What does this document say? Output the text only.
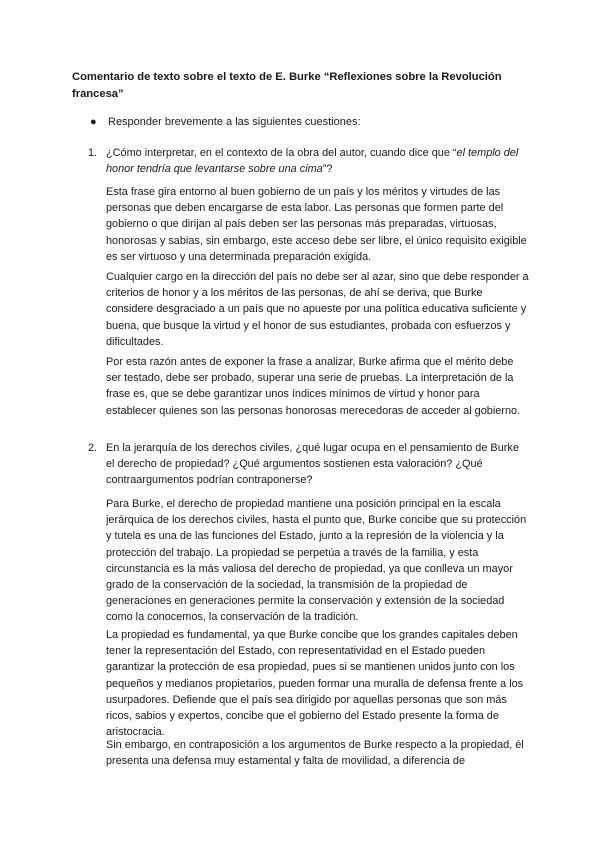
Comentario de texto sobre el texto de E. Burke “Reflexiones sobre la Revolución francesa”
● Responder brevemente a las siguientes cuestiones:
1. ¿Cómo interpretar, en el contexto de la obra del autor, cuando dice que “el templo del honor tendría que levantarse sobre una cima”?

Esta frase gira entorno al buen gobierno de un país y los méritos y virtudes de las personas que deben encargarse de esta labor. Las personas que formen parte del gobierno o que dirijan al país deben ser las personas más preparadas, virtuosas, honorosas y sabias, sin embargo, este acceso debe ser libre, el único requisito exigible es ser virtuoso y una determinada preparación exigida.

Cualquier cargo en la dirección del país no debe ser al azar, sino que debe responder a criterios de honor y a los méritos de las personas, de ahí se deriva, que Burke considere desgraciado a un país que no apueste por una política educativa suficiente y buena, que busque la virtud y el honor de sus estudiantes, probada con esfuerzos y dificultades.

Por esta razón antes de exponer la frase a analizar, Burke afirma que el mérito debe ser testado, debe ser probado, superar una serie de pruebas. La interpretación de la frase es, que se debe garantizar unos índices mínimos de virtud y honor para establecer quienes son las personas honorosas merecedoras de acceder al gobierno.

2. En la jerarquía de los derechos civiles, ¿qué lugar ocupa en el pensamiento de Burke el derecho de propiedad? ¿Qué argumentos sostienen esta valoración? ¿Qué contraargumentos podrían contraponerse?

Para Burke, el derecho de propiedad mantiene una posición principal en la escala jerárquica de los derechos civiles, hasta el punto que, Burke concibe que su protección y tutela es una de las funciones del Estado, junto a la represión de la violencia y la protección del trabajo. La propiedad se perpetúa a través de la familia, y esta circunstancia es la más valiosa del derecho de propiedad, ya que conlleva un mayor grado de la conservación de la sociedad, la transmisión de la propiedad de generaciones en generaciones permite la conservación y extensión de la sociedad como la conocemos, la conservación de la tradición.

La propiedad es fundamental, ya que Burke concibe que los grandes capitales deben tener la representación del Estado, con representatividad en el Estado pueden garantizar la protección de esa propiedad, pues si se mantienen unidos junto con los pequeños y medianos propietarios, pueden formar una muralla de defensa frente a los usurpadores. Defiende que el país sea dirigido por aquellas personas que son más ricos, sabios y expertos, concibe que el gobierno del Estado presente la forma de aristocracia.

Sin embargo, en contraposición a los argumentos de Burke respecto a la propiedad, él presenta una defensa muy estamental y falta de movilidad, a diferencia de
